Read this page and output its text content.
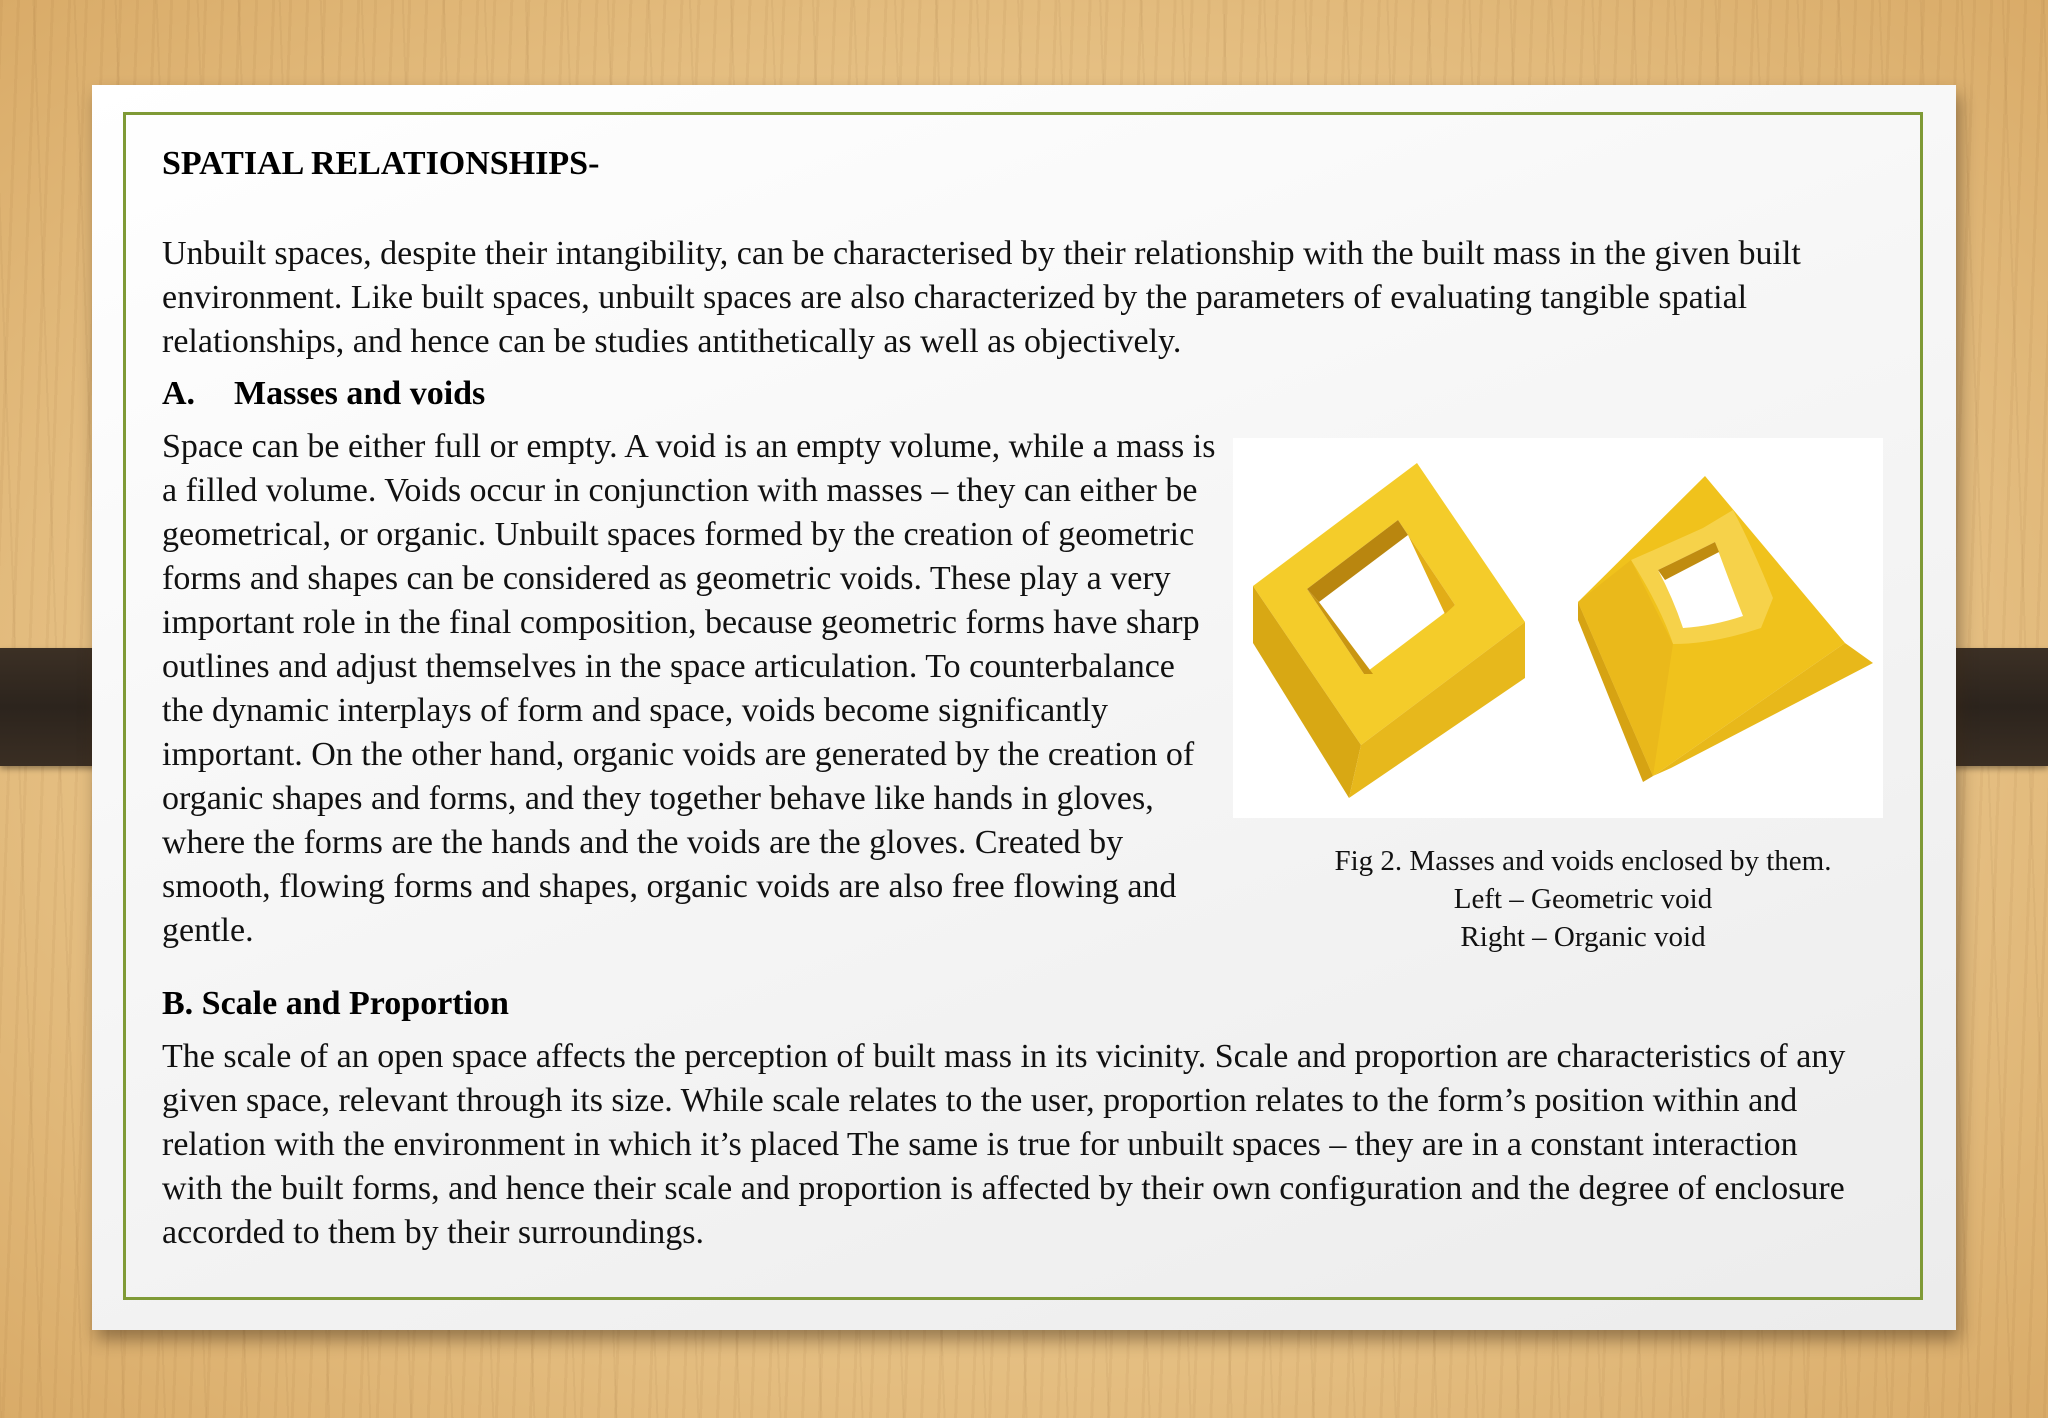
SPATIAL RELATIONSHIPS-

Unbuilt spaces, despite their intangibility, can be characterised by their relationship with the built mass in the given built environment. Like built spaces, unbuilt spaces are also characterized by the parameters of evaluating tangible spatial relationships, and hence can be studies antithetically as well as objectively.

A. Masses and voids

Space can be either full or empty. A void is an empty volume, while a mass is a filled volume. Voids occur in conjunction with masses – they can either be geometrical, or organic. Unbuilt spaces formed by the creation of geometric forms and shapes can be considered as geometric voids. These play a very important role in the final composition, because geometric forms have sharp outlines and adjust themselves in the space articulation. To counterbalance the dynamic interplays of form and space, voids become significantly important. On the other hand, organic voids are generated by the creation of organic shapes and forms, and they together behave like hands in gloves, where the forms are the hands and the voids are the gloves. Created by smooth, flowing forms and shapes, organic voids are also free flowing and gentle.

Fig 2. Masses and voids enclosed by them.
Left – Geometric void
Right – Organic void
B. Scale and Proportion

The scale of an open space affects the perception of built mass in its vicinity. Scale and proportion are characteristics of any given space, relevant through its size. While scale relates to the user, proportion relates to the form’s position within and relation with the environment in which it’s placed The same is true for unbuilt spaces – they are in a constant interaction with the built forms, and hence their scale and proportion is affected by their own configuration and the degree of enclosure accorded to them by their surroundings.
